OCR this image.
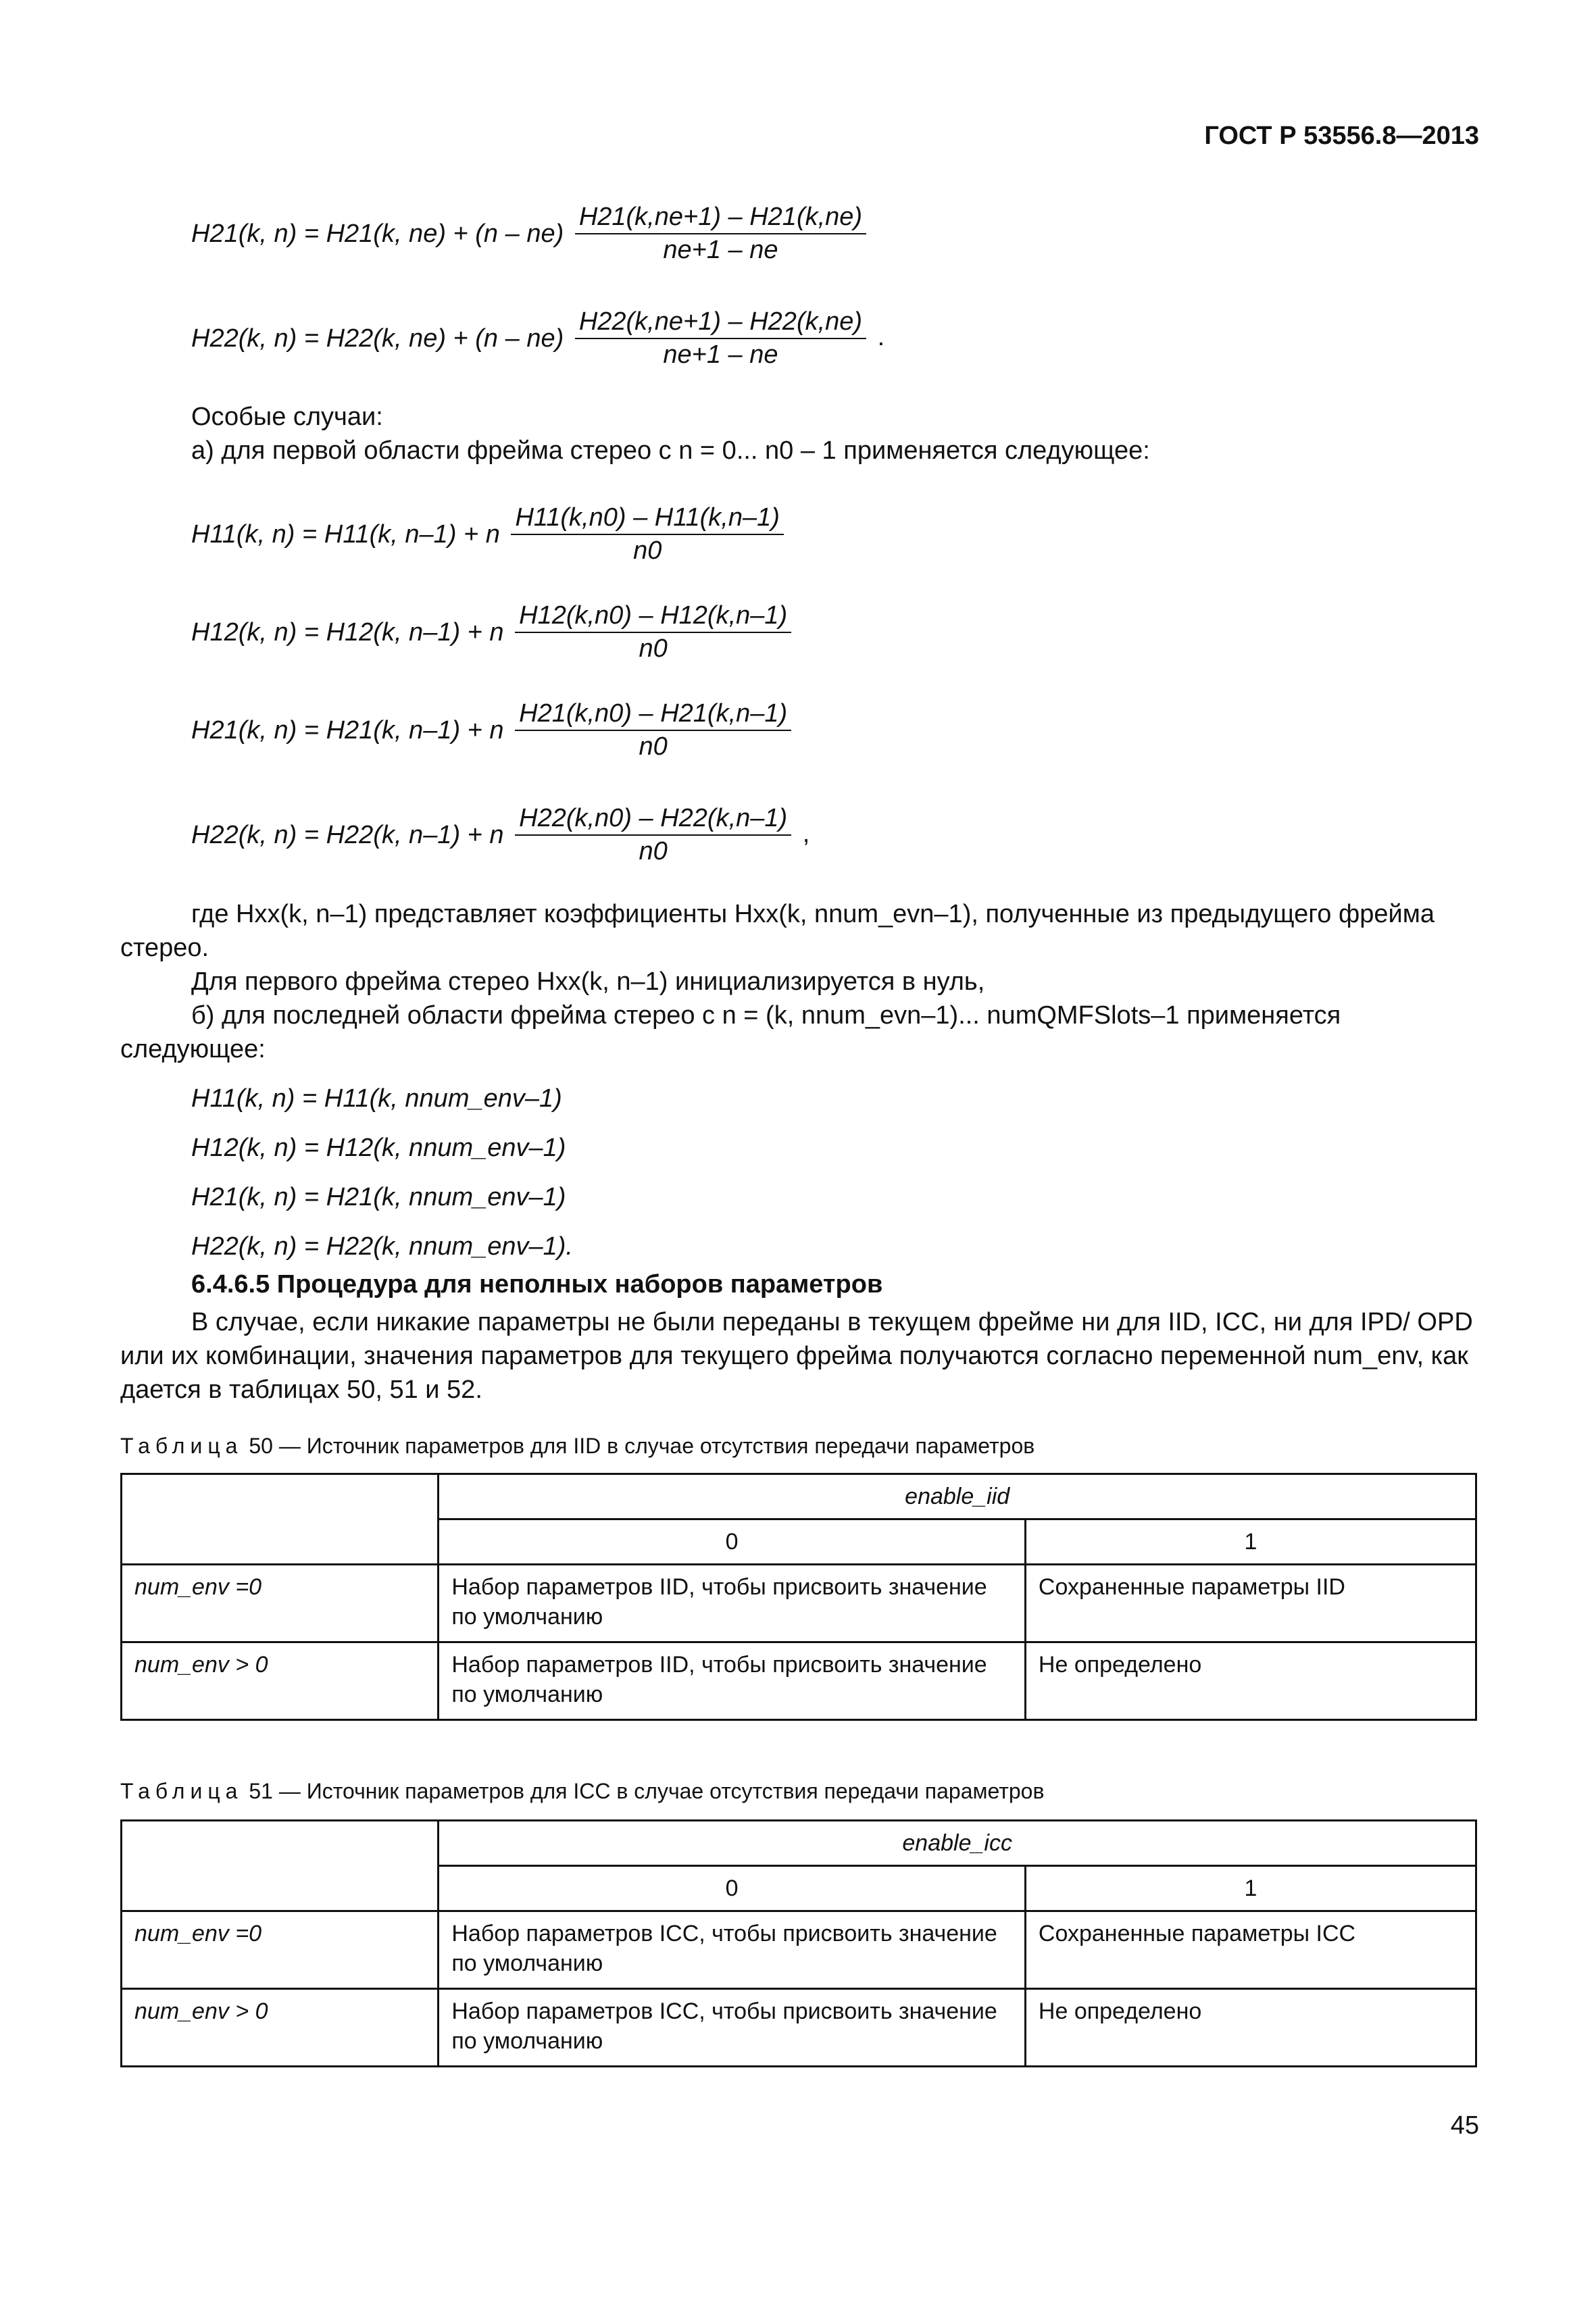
ГОСТ Р 53556.8—2013
H21(k, n) = H21(k, $ne) + (n - ne) \frac{H21(k,ne+1) - H21(k,ne)}{ne+1 - ne}$
H22(k, n) = H22(k, $ne) + (n - ne) \frac{H22(k,ne+1) - H22(k,ne)}{ne+1 - ne}$ .
Особые случаи:
а) для первой области фрейма стерео с n = 0... n0 – 1 применяется следующее:
H11(k, n) = H11(k, n–1) + n $\frac{H11(k,n0) - H11(k,n-1)}{n0}$
H12(k, n) = H12(k, n–1) + n $\frac{H12(k,n0) - H12(k,n-1)}{n0}$
H21(k, n) = H21(k, n–1) + n $\frac{H21(k,n0) - H21(k,n-1)}{n0}$
H22(k, n) = H22(k, n–1) + n $\frac{H22(k,n0) - H22(k,n-1)}{n0}$ ,
где Hxx(k, n–1) представляет коэффициенты Hxx(k, nnum_evn–1), полученные из предыдущего фрейма стерео.
Для первого фрейма стерео Hxx(k, n–1) инициализируется в нуль,
б) для последней области фрейма стерео с n = (k, nnum_evn–1)... numQMFSlots–1 применяется следующее:
H11(k, n) = H11(k, nnum_env–1)
H12(k, n) = H12(k, nnum_env–1)
H21(k, n) = H21(k, nnum_env–1)
H22(k, n) = H22(k, nnum_env–1).
6.4.6.5 Процедура для неполных наборов параметров
В случае, если никакие параметры не были переданы в текущем фрейме ни для IID, ICC, ни для IPD/ OPD или их комбинации, значения параметров для текущего фрейма получаются согласно переменной num_env, как дается в таблицах 50, 51 и 52.
Таблица 50 — Источник параметров для IID в случае отсутствия передачи параметров
	enable_iid	
	0	1
num_env =0	Набор параметров IID, чтобы присвоить значение по умолчанию	Сохраненные параметры IID
num_env > 0	Набор параметров IID, чтобы присвоить значение по умолчанию	Не определено
Таблица 51 — Источник параметров для ICC в случае отсутствия передачи параметров
	enable_icc	
	0	1
num_env =0	Набор параметров ICC, чтобы присвоить значение по умолчанию	Сохраненные параметры ICC
num_env > 0	Набор параметров ICC, чтобы присвоить значение по умолчанию	Не определено
45
